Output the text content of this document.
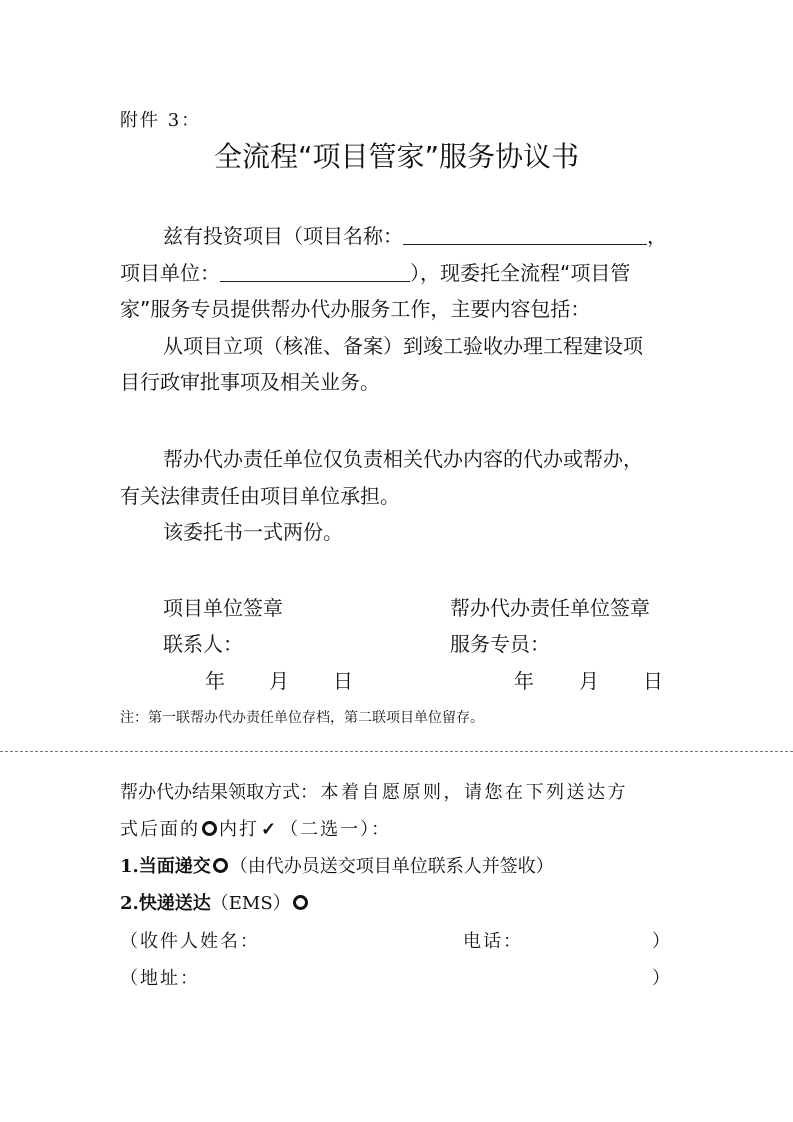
附件 3：
全流程“项目管家”服务协议书
兹有投资项目（项目名称：	，
项目单位：	），现委托全流程“项目管
家”服务专员提供帮办代办服务工作，主要内容包括：
从项目立项（核准、备案）到竣工验收办理工程建设项
目行政审批事项及相关业务。
帮办代办责任单位仅负责相关代办内容的代办或帮办，
有关法律责任由项目单位承担。
该委托书一式两份。
项目单位签章	帮办代办责任单位签章
联系人：	服务专员：
年 月 日	年 月 日
注：第一联帮办代办责任单位存档，第二联项目单位留存。
帮办代办结果领取方式：本着自愿原则，请您在下列送达方
式后面的 内打 ✓ （二选一）：
1.当面递交 （由代办员送交项目单位联系人并签收）
2.快递送达（EMS）
（收件人姓名：	电话：	）
（地址：	）
